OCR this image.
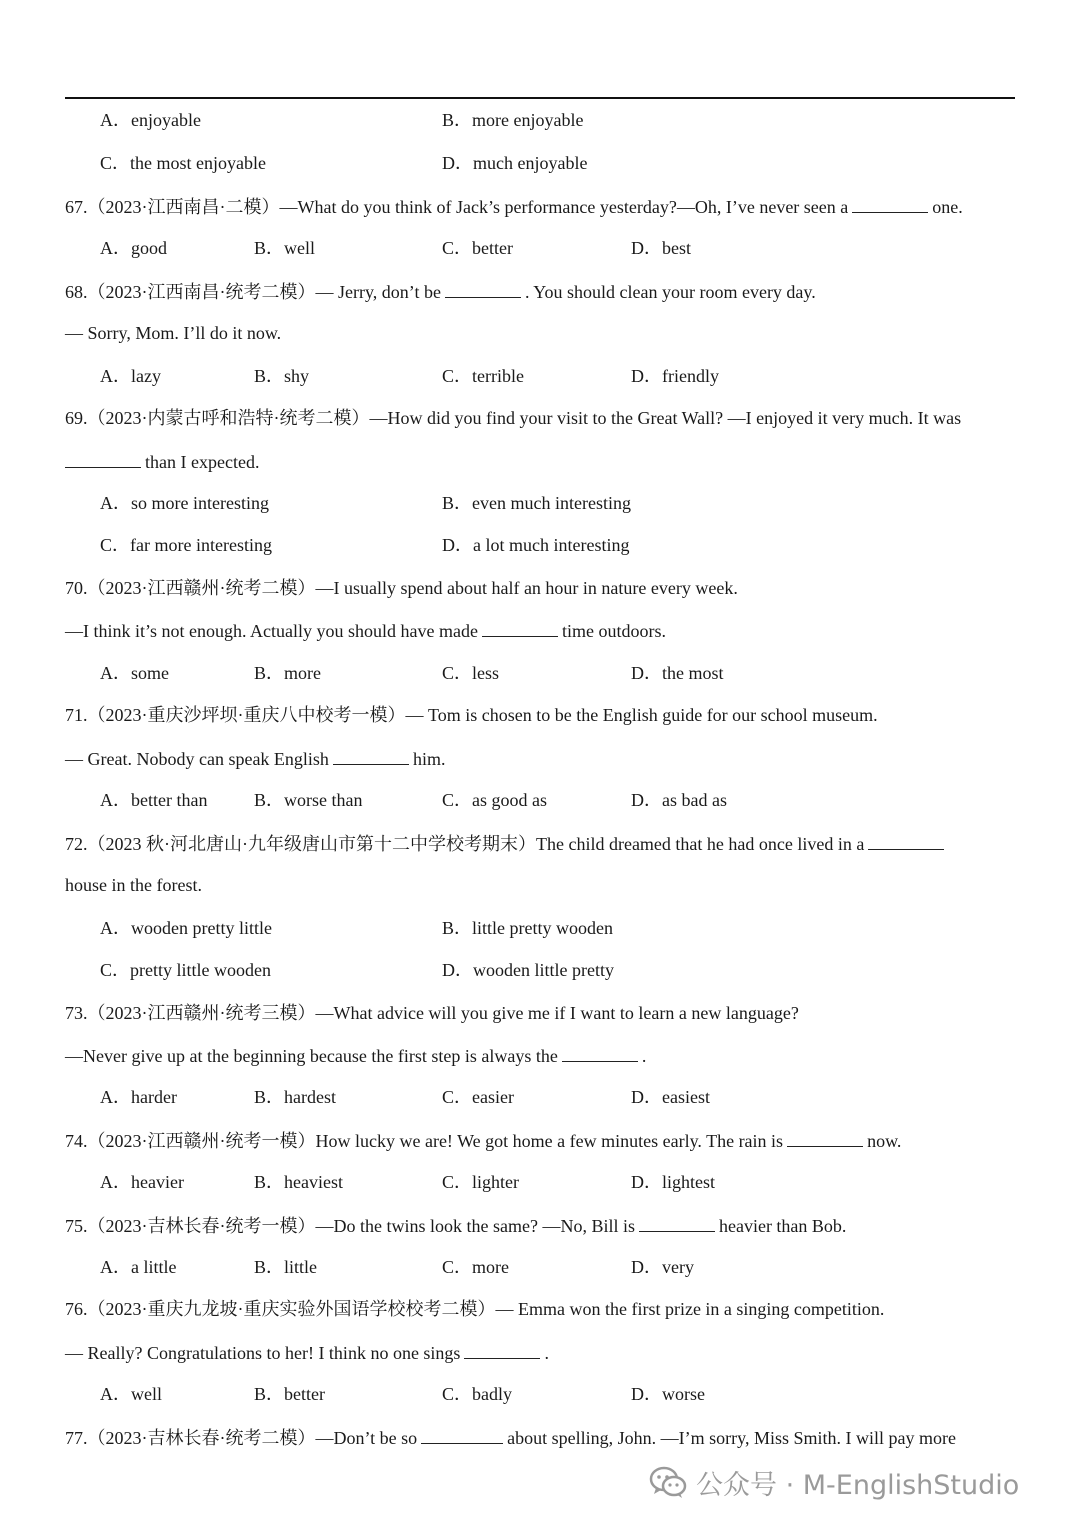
A．enjoyable	B．more enjoyable
C．the most enjoyable	D．much enjoyable
67.（2023·江西南昌·二模）—What do you think of Jack’s performance yesterday?—Oh, I’ve never seen a	one.
A．good	B．well	C．better	D．best
68.（2023·江西南昌·统考二模）— Jerry, don’t be	. You should clean your room every day.
— Sorry, Mom. I’ll do it now.
A．lazy	B．shy	C．terrible	D．friendly
69.（2023·内蒙古呼和浩特·统考二模）—How did you find your visit to the Great Wall? —I enjoyed it very much. It was
than I expected.
A．so more interesting	B．even much interesting
C．far more interesting	D．a lot much interesting
70.（2023·江西赣州·统考二模）—I usually spend about half an hour in nature every week.
—I think it’s not enough. Actually you should have made	time outdoors.
A．some	B．more	C．less	D．the most
71.（2023·重庆沙坪坝·重庆八中校考一模）— Tom is chosen to be the English guide for our school museum.
— Great. Nobody can speak English	him.
A．better than	B．worse than	C．as good as	D．as bad as
72.（2023 秋·河北唐山·九年级唐山市第十二中学校考期末）The child dreamed that he had once lived in a
house in the forest.
A．wooden pretty little	B．little pretty wooden
C．pretty little wooden	D．wooden little pretty
73.（2023·江西赣州·统考三模）—What advice will you give me if I want to learn a new language?
—Never give up at the beginning because the first step is always the	.
A．harder	B．hardest	C．easier	D．easiest
74.（2023·江西赣州·统考一模）How lucky we are! We got home a few minutes early. The rain is	now.
A．heavier	B．heaviest	C．lighter	D．lightest
75.（2023·吉林长春·统考一模）—Do the twins look the same? —No, Bill is	heavier than Bob.
A．a little	B．little	C．more	D．very
76.（2023·重庆九龙坡·重庆实验外国语学校校考二模）— Emma won the first prize in a singing competition.
— Really? Congratulations to her! I think no one sings	.
A．well	B．better	C．badly	D．worse
77.（2023·吉林长春·统考二模）—Don’t be so	about spelling, John. —I’m sorry, Miss Smith. I will pay more
公众号 · M-EnglishStudio
